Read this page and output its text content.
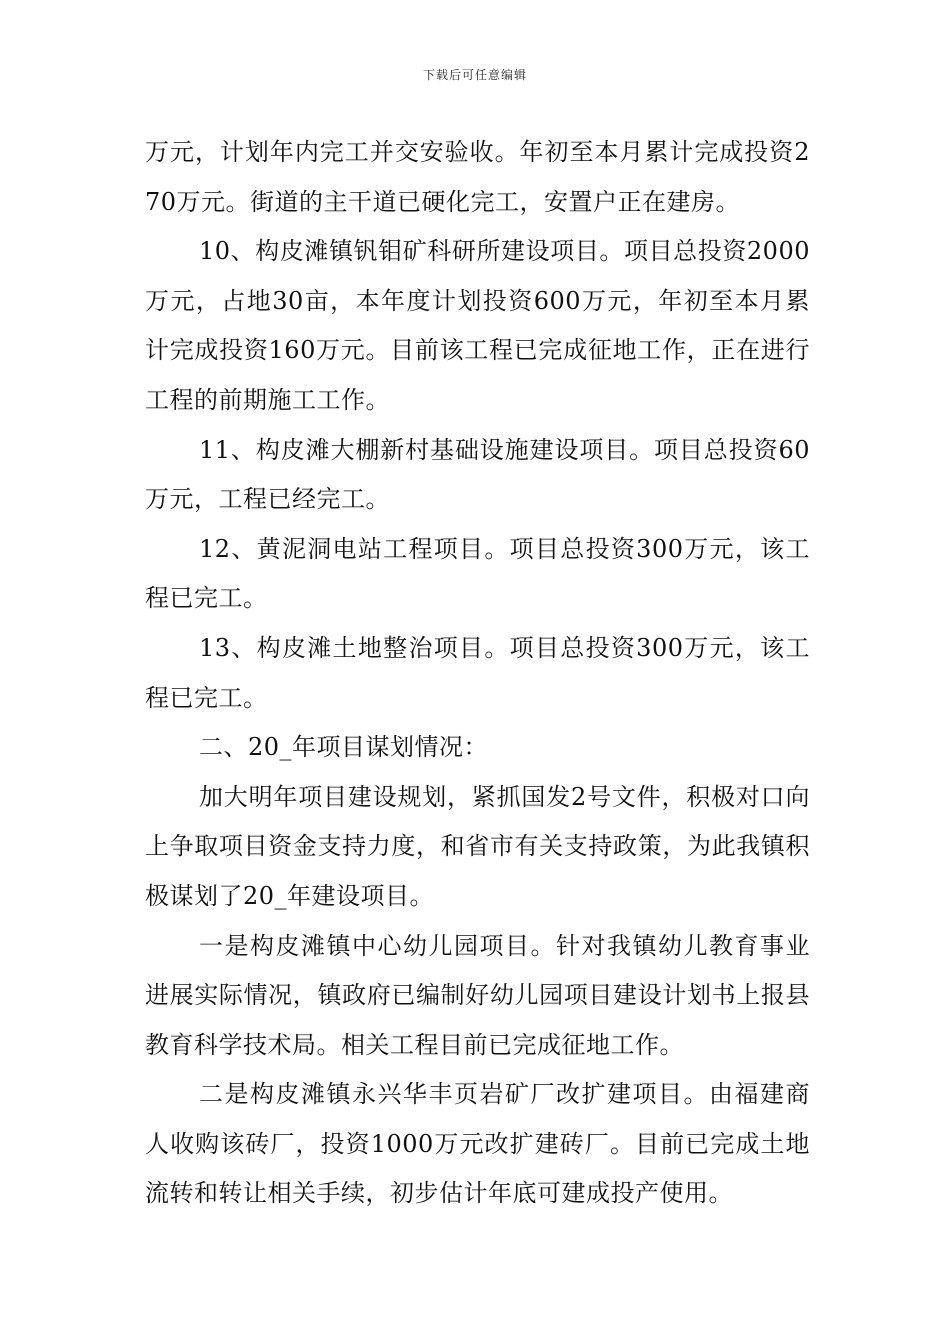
下载后可任意编辑

万元，计划年内完工并交安验收。年初至本月累计完成投资270万元。街道的主干道已硬化完工，安置户正在建房。

10、构皮滩镇钒钼矿科研所建设项目。项目总投资2000万元，占地30亩，本年度计划投资600万元，年初至本月累计完成投资160万元。目前该工程已完成征地工作，正在进行工程的前期施工工作。

11、构皮滩大棚新村基础设施建设项目。项目总投资60万元，工程已经完工。

12、黄泥洞电站工程项目。项目总投资300万元，该工程已完工。

13、构皮滩土地整治项目。项目总投资300万元，该工程已完工。

二、20_年项目谋划情况：

加大明年项目建设规划，紧抓国发2号文件，积极对口向上争取项目资金支持力度，和省市有关支持政策，为此我镇积极谋划了20_年建设项目。

一是构皮滩镇中心幼儿园项目。针对我镇幼儿教育事业进展实际情况，镇政府已编制好幼儿园项目建设计划书上报县教育科学技术局。相关工程目前已完成征地工作。

二是构皮滩镇永兴华丰页岩矿厂改扩建项目。由福建商人收购该砖厂，投资1000万元改扩建砖厂。目前已完成土地流转和转让相关手续，初步估计年底可建成投产使用。
